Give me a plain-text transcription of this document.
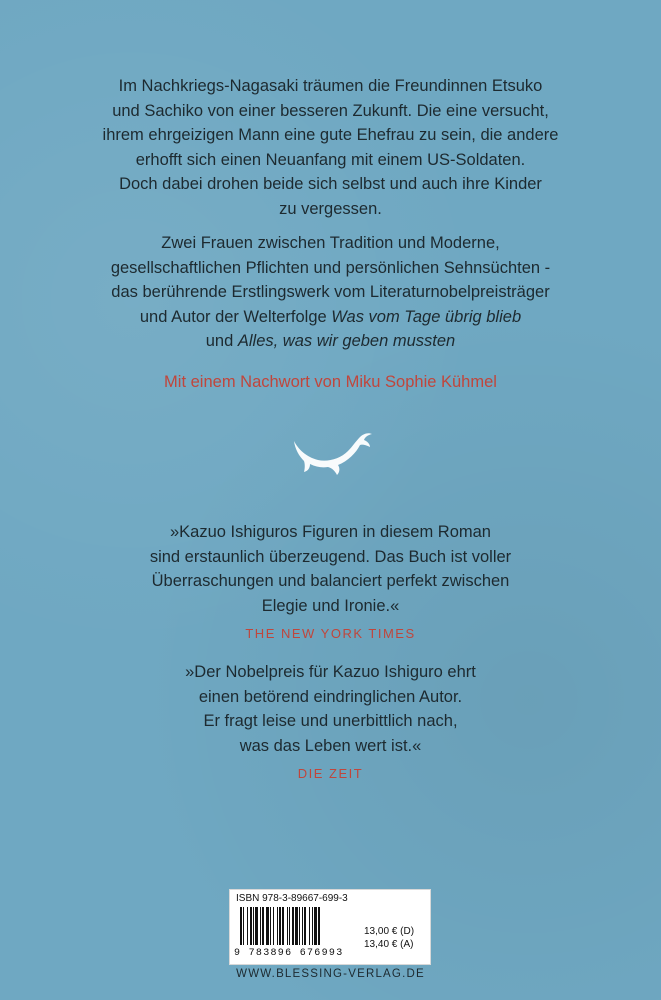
Im Nachkriegs-Nagasaki träumen die Freundinnen Etsuko

und Sachiko von einer besseren Zukunft. Die eine versucht,

ihrem ehrgeizigen Mann eine gute Ehefrau zu sein, die andere

erhofft sich einen Neuanfang mit einem US-Soldaten.

Doch dabei drohen beide sich selbst und auch ihre Kinder

zu vergessen.

Zwei Frauen zwischen Tradition und Moderne,

gesellschaftlichen Pflichten und persönlichen Sehnsüchten -

das berührende Erstlingswerk vom Literaturnobelpreisträger

und Autor der Welterfolge Was vom Tage übrig blieb

und Alles, was wir geben mussten

Mit einem Nachwort von Miku Sophie Kühmel

»Kazuo Ishiguros Figuren in diesem Roman

sind erstaunlich überzeugend. Das Buch ist voller

Überraschungen und balanciert perfekt zwischen

Elegie und Ironie.«

THE NEW YORK TIMES

»Der Nobelpreis für Kazuo Ishiguro ehrt

einen betörend eindringlichen Autor.

Er fragt leise und unerbittlich nach,

was das Leben wert ist.«

DIE ZEIT
ISBN 978-3-89667-699-3
9 783896 676993
13,00 € (D)
13,40 € (A)
WWW.BLESSING-VERLAG.DE
